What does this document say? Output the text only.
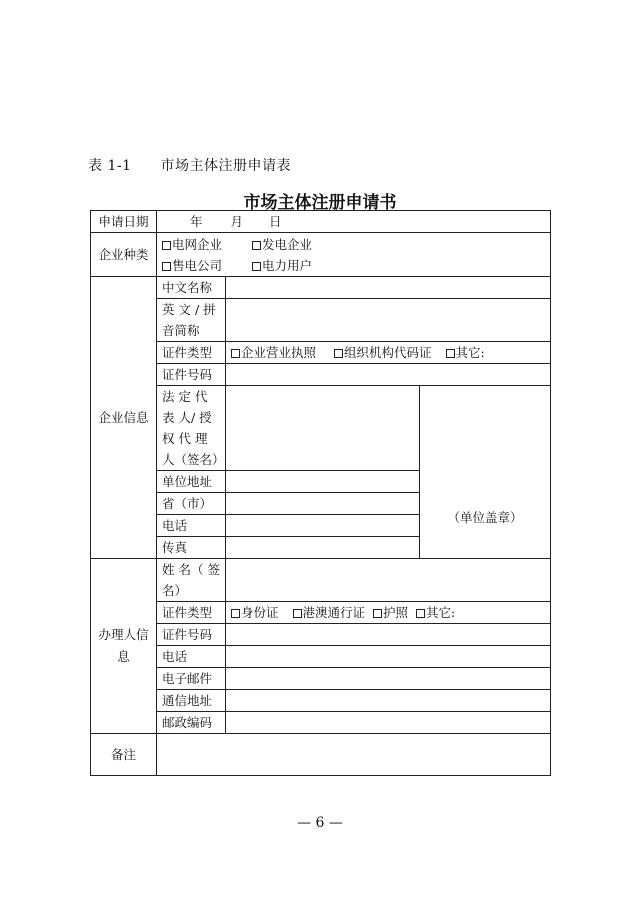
表 1-1 市场主体注册申请表
市场主体注册申请书
申请日期	年 月 日		
企业种类	电网企业 发电企业
售电公司 电力用户		

企业信息	中文名称		
	英 文 / 拼音简称		
	证件类型	企业营业执照 组织机构代码证 其它:	
	证件号码		
	法 定 代 表 人/ 授 权 代 理 人（签名）		（单位盖章）
	单位地址		
	省（市）		
	电话		
	传真		
办理人信息	姓 名（ 签名）		
	证件类型	身份证 港澳通行证 护照 其它:	
	证件号码		
	电话		
	电子邮件		
	通信地址		
	邮政编码		
备注			
— 6 —
